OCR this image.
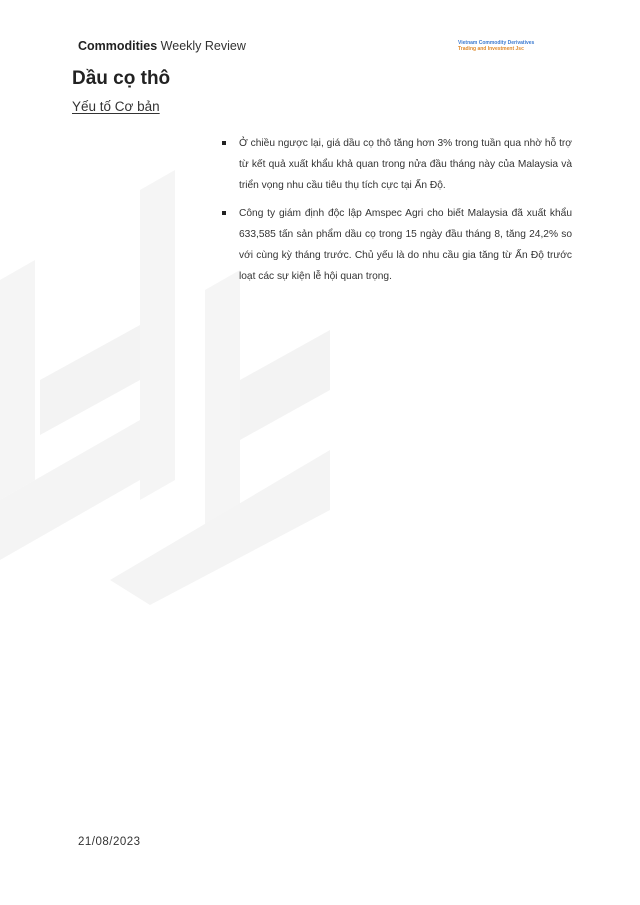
Commodities Weekly Review	Vietnam Commodity Derivatives
Trading and Investment Jsc
Dầu cọ thô
Yếu tố Cơ bản
Ở chiều ngược lại, giá dầu cọ thô tăng hơn 3% trong tuần qua nhờ hỗ trợ từ kết quả xuất khẩu khả quan trong nửa đầu tháng này của Malaysia và triển vọng nhu cầu tiêu thụ tích cực tại Ấn Độ.
Công ty giám định độc lập Amspec Agri cho biết Malaysia đã xuất khẩu 633,585 tấn sản phẩm dầu cọ trong 15 ngày đầu tháng 8, tăng 24,2% so với cùng kỳ tháng trước. Chủ yếu là do nhu cầu gia tăng từ Ấn Độ trước loạt các sự kiện lễ hội quan trọng.
21/08/2023
